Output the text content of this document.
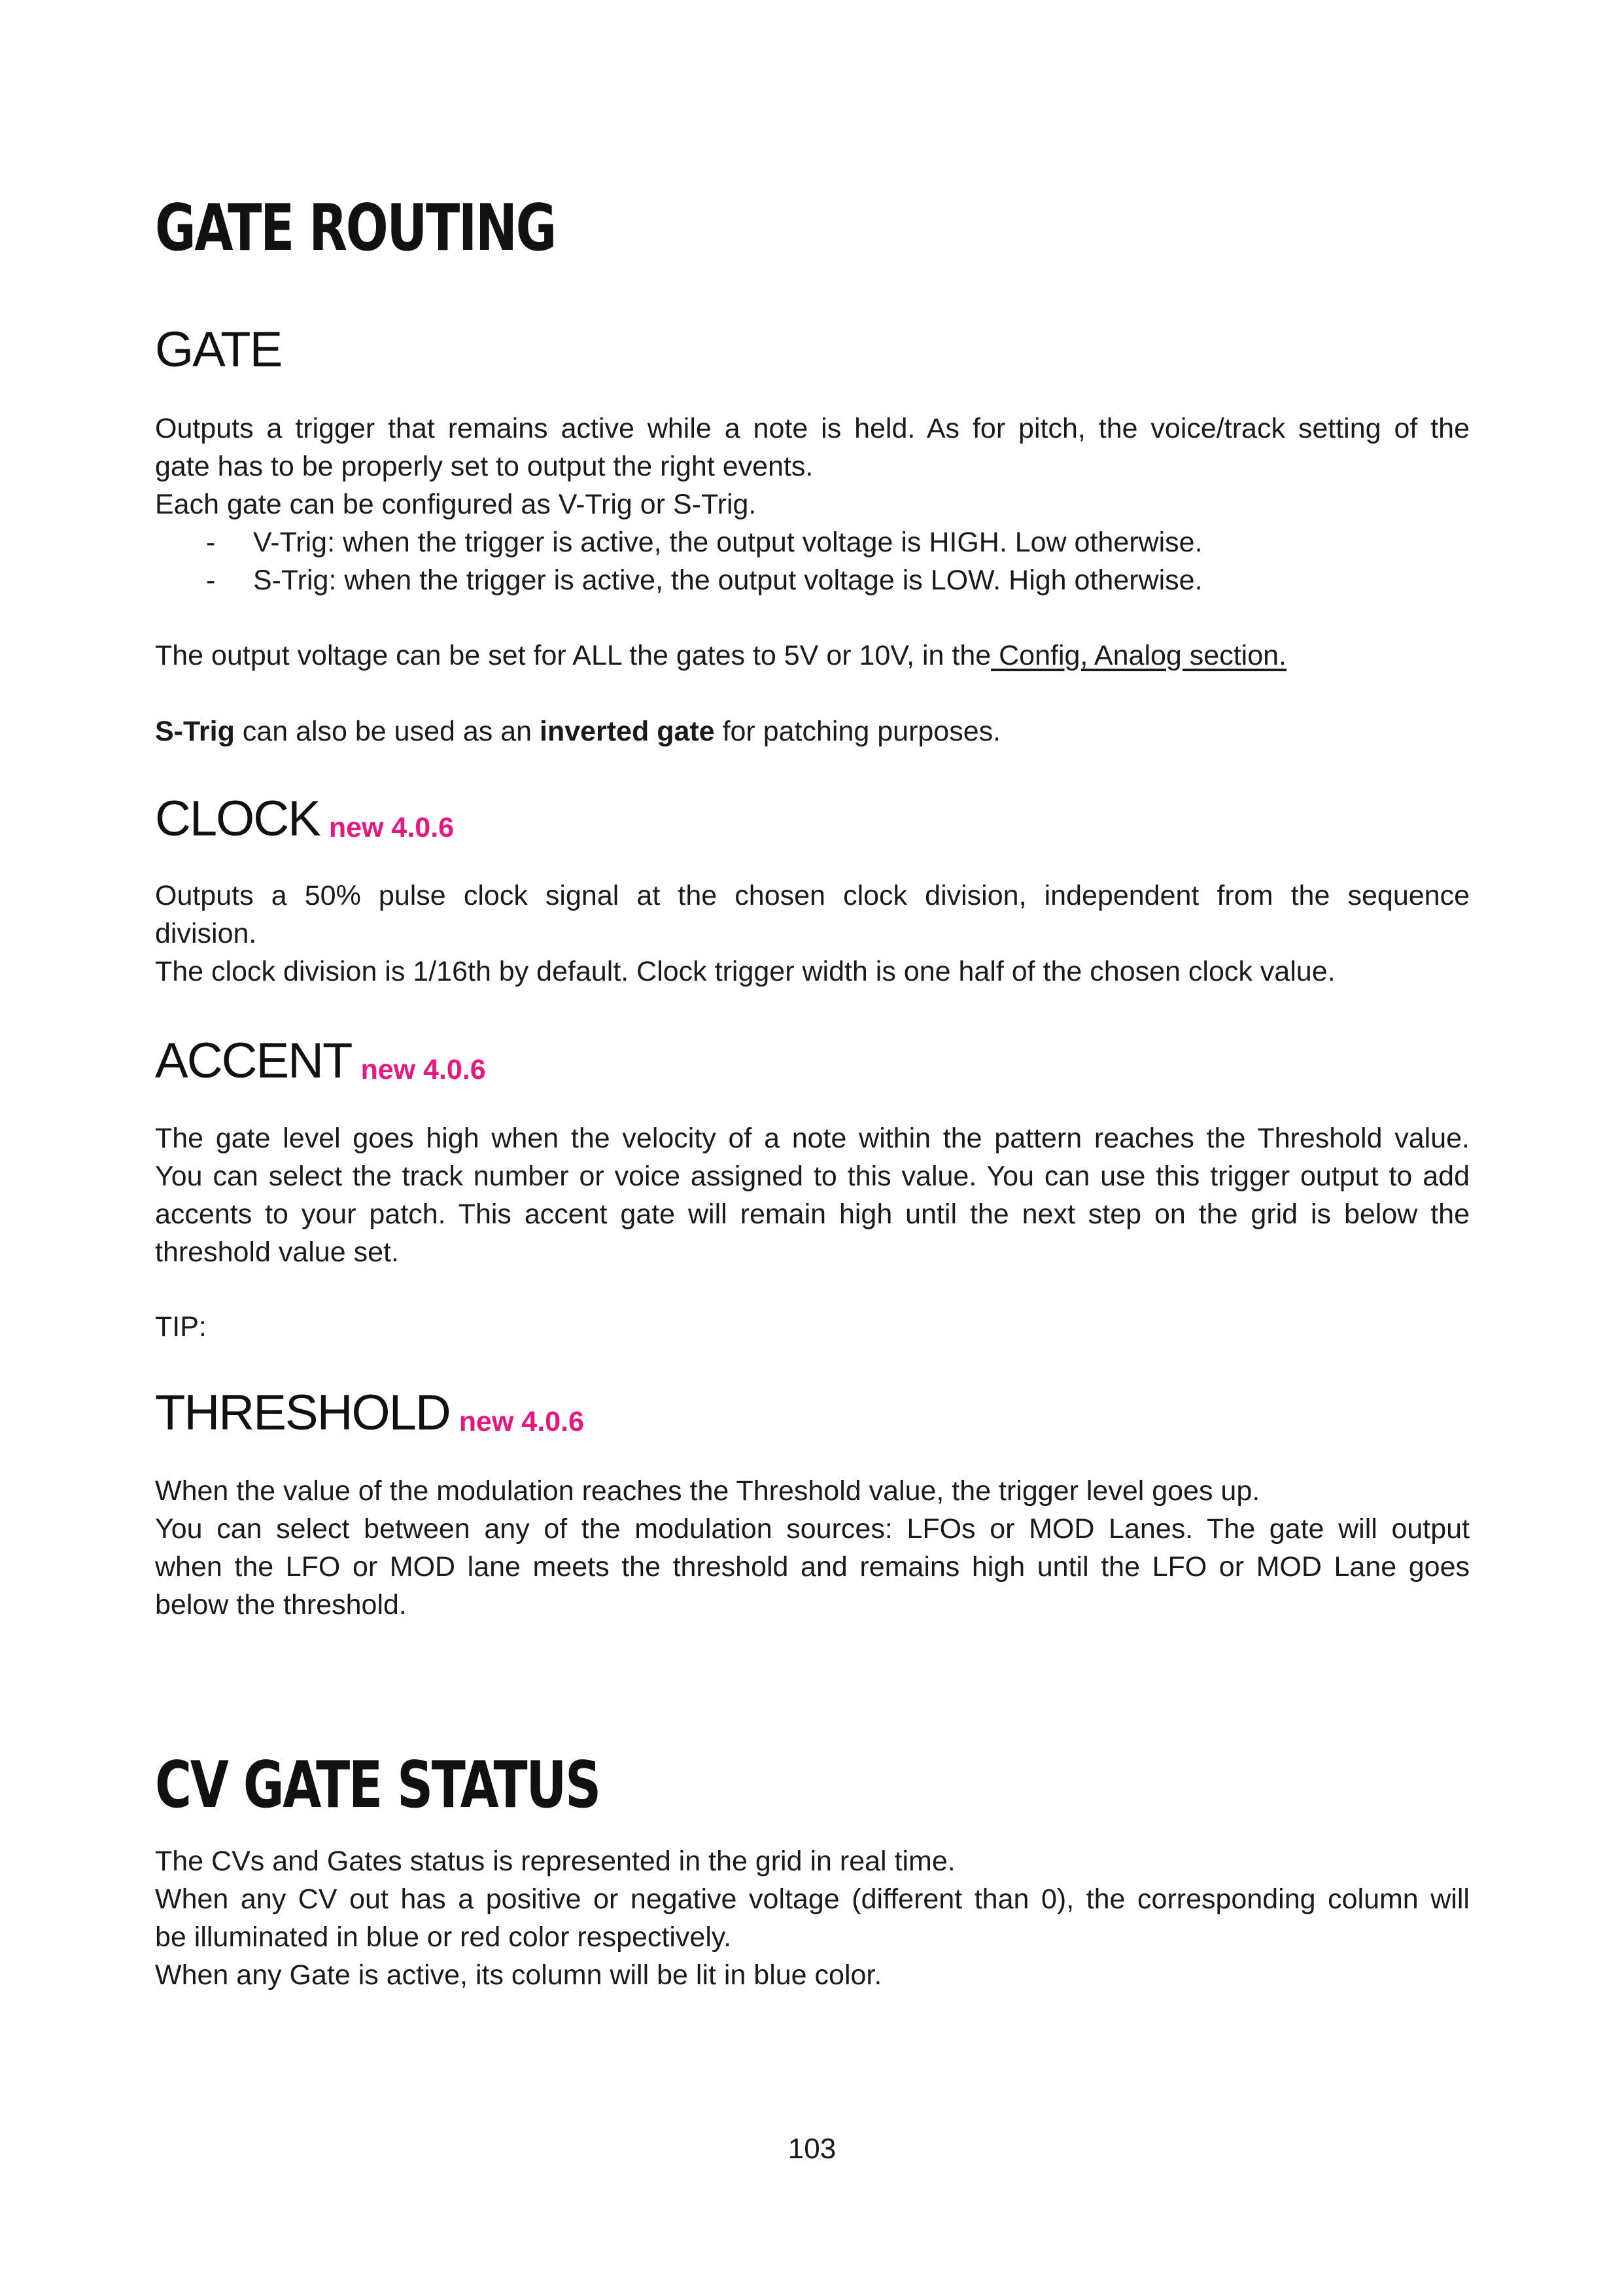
GATE ROUTING
GATE
Outputs a trigger that remains active while a note is held. As for pitch, the voice/track setting of the
gate has to be properly set to output the right events.
Each gate can be configured as V-Trig or S-Trig.
- V-Trig: when the trigger is active, the output voltage is HIGH. Low otherwise.
- S-Trig: when the trigger is active, the output voltage is LOW. High otherwise.
The output voltage can be set for ALL the gates to 5V or 10V, in the Config, Analog section.
S-Trig can also be used as an inverted gate for patching purposes.
CLOCK new 4.0.6
Outputs a 50% pulse clock signal at the chosen clock division, independent from the sequence
division.
The clock division is 1/16th by default. Clock trigger width is one half of the chosen clock value.
ACCENT new 4.0.6
The gate level goes high when the velocity of a note within the pattern reaches the Threshold value.
You can select the track number or voice assigned to this value. You can use this trigger output to add
accents to your patch. This accent gate will remain high until the next step on the grid is below the
threshold value set.
TIP:
THRESHOLD new 4.0.6
When the value of the modulation reaches the Threshold value, the trigger level goes up.
You can select between any of the modulation sources: LFOs or MOD Lanes. The gate will output
when the LFO or MOD lane meets the threshold and remains high until the LFO or MOD Lane goes
below the threshold.
CV GATE STATUS
The CVs and Gates status is represented in the grid in real time.
When any CV out has a positive or negative voltage (different than 0), the corresponding column will
be illuminated in blue or red color respectively.
When any Gate is active, its column will be lit in blue color.
103
